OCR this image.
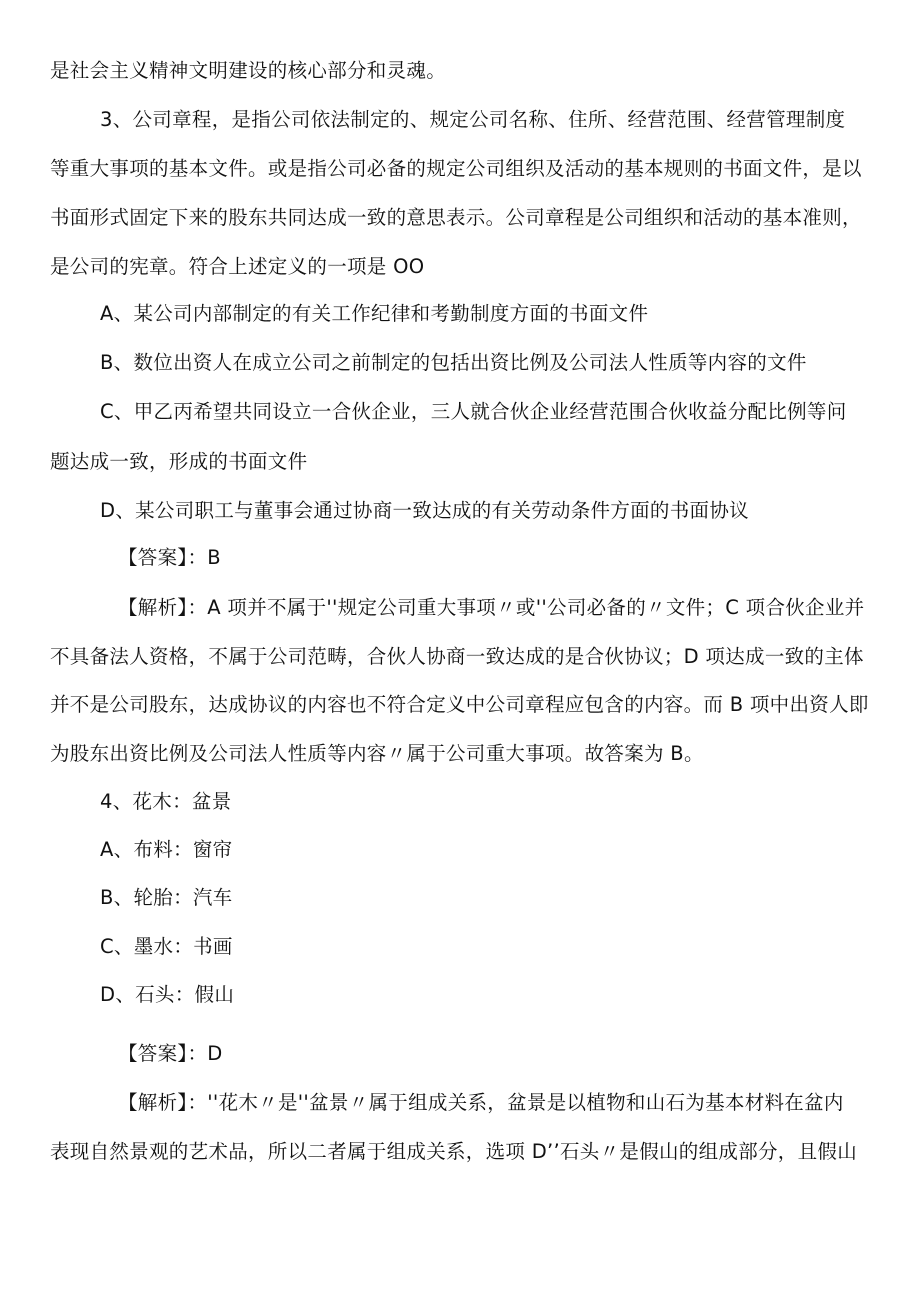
是社会主义精神文明建设的核心部分和灵魂。
3、公司章程，是指公司依法制定的、规定公司名称、住所、经营范围、经营管理制度
等重大事项的基本文件。或是指公司必备的规定公司组织及活动的基本规则的书面文件，是以
书面形式固定下来的股东共同达成一致的意思表示。公司章程是公司组织和活动的基本准则，
是公司的宪章。符合上述定义的一项是 OO
A、某公司内部制定的有关工作纪律和考勤制度方面的书面文件
B、数位出资人在成立公司之前制定的包括出资比例及公司法人性质等内容的文件
C、甲乙丙希望共同设立一合伙企业，三人就合伙企业经营范围合伙收益分配比例等问
题达成一致，形成的书面文件
D、某公司职工与董事会通过协商一致达成的有关劳动条件方面的书面协议
【答案】：B
【解析】：A 项并不属于''规定公司重大事项〃或''公司必备的〃文件；C 项合伙企业并
不具备法人资格，不属于公司范畴，合伙人协商一致达成的是合伙协议；D 项达成一致的主体
并不是公司股东，达成协议的内容也不符合定义中公司章程应包含的内容。而 B 项中出资人即
为股东出资比例及公司法人性质等内容〃属于公司重大事项。故答案为 B。
4、花木：盆景
A、布料：窗帘
B、轮胎：汽车
C、墨水：书画
D、石头：假山
【答案】：D
【解析】：''花木〃是''盆景〃属于组成关系，盆景是以植物和山石为基本材料在盆内
表现自然景观的艺术品，所以二者属于组成关系，选项 D’’石头〃是假山的组成部分，且假山
